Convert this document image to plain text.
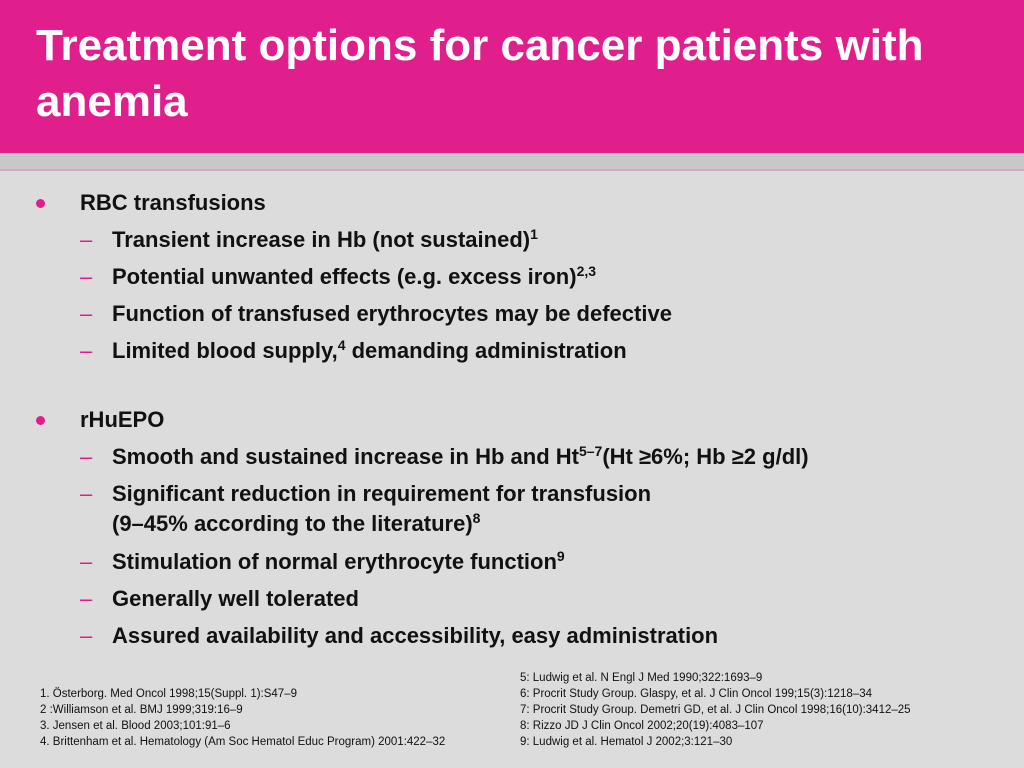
Treatment options for cancer patients with anemia
RBC transfusions
– Transient increase in Hb (not sustained)$^1$
– Potential unwanted effects (e.g. excess iron)$^{2,3}$
– Function of transfused erythrocytes may be defective
– Limited blood supply,$^4$ demanding administration
rHuEPO
– Smooth and sustained increase in Hb and $Ht^{5-7}(Ht \ge 6\%$; Hb ≥2 g/dl)
– Significant reduction in requirement for transfusion
(9–45% according to the literature)$^8$
– Stimulation of normal erythrocyte function$^9$
– Generally well tolerated
– Assured availability and accessibility, easy administration
1. Österborg. Med Oncol 1998;15(Suppl. 1):S47–9
2 :Williamson et al. BMJ 1999;319:16–9
3. Jensen et al. Blood 2003;101:91–6
4. Brittenham et al. Hematology (Am Soc Hematol Educ Program) 2001:422–32
5: Ludwig et al. N Engl J Med 1990;322:1693–9
6: Procrit Study Group. Glaspy, et al. J Clin Oncol 199;15(3):1218–34
7: Procrit Study Group. Demetri GD, et al. J Clin Oncol 1998;16(10):3412–25
8: Rizzo JD J Clin Oncol 2002;20(19):4083–107
9: Ludwig et al. Hematol J 2002;3:121–30
